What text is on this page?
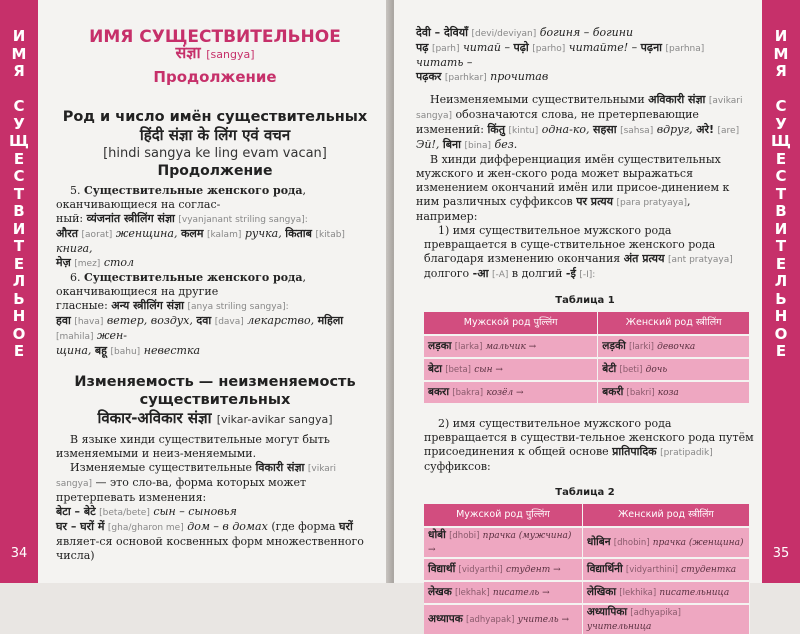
И
М
Я

С
У
Щ
Е
С
Т
В
И
Т
Е
Л
Ь
Н
О
Е
34
ИМЯ СУЩЕСТВИТЕЛЬНОЕ
संज्ञा [sangya]
Продолжение
Род и число имён существительных
हिंदी संज्ञा के लिंग एवं वचन
[hindi sangya ke ling evam vacan]
Продолжение

5. Существительные женского рода, оканчивающиеся на соглас-
ный: व्यंजनांत स्त्रीलिंग संज्ञा [vyanjanant striling sangya]:

औरत [aorat] женщина, कलम [kalam] ручка, किताब [kitab] книга,
मेज़ [mez] стол

6. Существительные женского рода, оканчивающиеся на другие
гласные: अन्य स्त्रीलिंग संज्ञा [anya striling sangya]:

हवा [hava] ветер, воздух, दवा [dava] лекарство, महिला [mahila] жен-
щина, बहू [bahu] невестка

Изменяемость — неизменяемость
существительных
विकार-अविकार संज्ञा [vikar-avikar sangya]

В языке хинди существительные могут быть изменяемыми и неиз-меняемыми.

Изменяемые существительные विकारी संज्ञा [vikari sangya] — это сло-ва, форма которых может претерпевать изменения:

बेटा – बेटे [beta/bete] сын – сыновья

घर – घरों में [gha/gharon me] дом – в домах (где форма घरों являет-ся основой косвенных форм множественного числа)

И
М
Я

С
У
Щ
Е
С
Т
В
И
Т
Е
Л
Ь
Н
О
Е
35

देवी – देवियाँ [devi/deviyan] богиня – богини

पढ़ [parh] читай – पढ़ो [parho] читайте! – पढ़ना [parhna] читать –

पढ़कर [parhkar] прочитав

Неизменяемыми существительными अविकारी संज्ञा [avikari sangya] обозначаются слова, не претерпевающие изменений: किंतु [kintu] одна-ко, सहसा [sahsa] вдруг, अरे! [are] Эй!, बिना [bina] без.

В хинди дифференциация имён существительных мужского и жен-ского рода может выражаться изменением окончаний имён или присое-динением к ним различных суффиксов पर प्रत्यय [para pratyaya], например:

1) имя существительное мужского рода превращается в суще-ствительное женского рода благодаря изменению окончания अंत प्रत्यय [ant pratyaya] долгого -आ [-A] в долгий -ई [-I]:

Таблица 1
Мужской род पुल्लिंग	Женский род स्त्रीलिंग
लड़का [larka] мальчик →	लड़की [larki] девочка
बेटा [beta] сын →	बेटी [beti] дочь
बकरा [bakra] козёл →	बकरी [bakri] коза

2) имя существительное мужского рода превращается в существи-тельное женского рода путём присоединения к общей основе प्रातिपादिक [pratipadik] суффиксов:

Таблица 2
Мужской род पुल्लिंग	Женский род स्त्रीलिंग
धोबी [dhobi] прачка (мужчина) →	धोबिन [dhobin] прачка (женщина)
विद्यार्थी [vidyarthi] студент →	विद्यार्थिनी [vidyarthini] студентка
लेखक [lekhak] писатель →	लेखिका [lekhika] писательница
अध्यापक [adhyapak] учитель →	अध्यापिका [adhyapika] учительница
